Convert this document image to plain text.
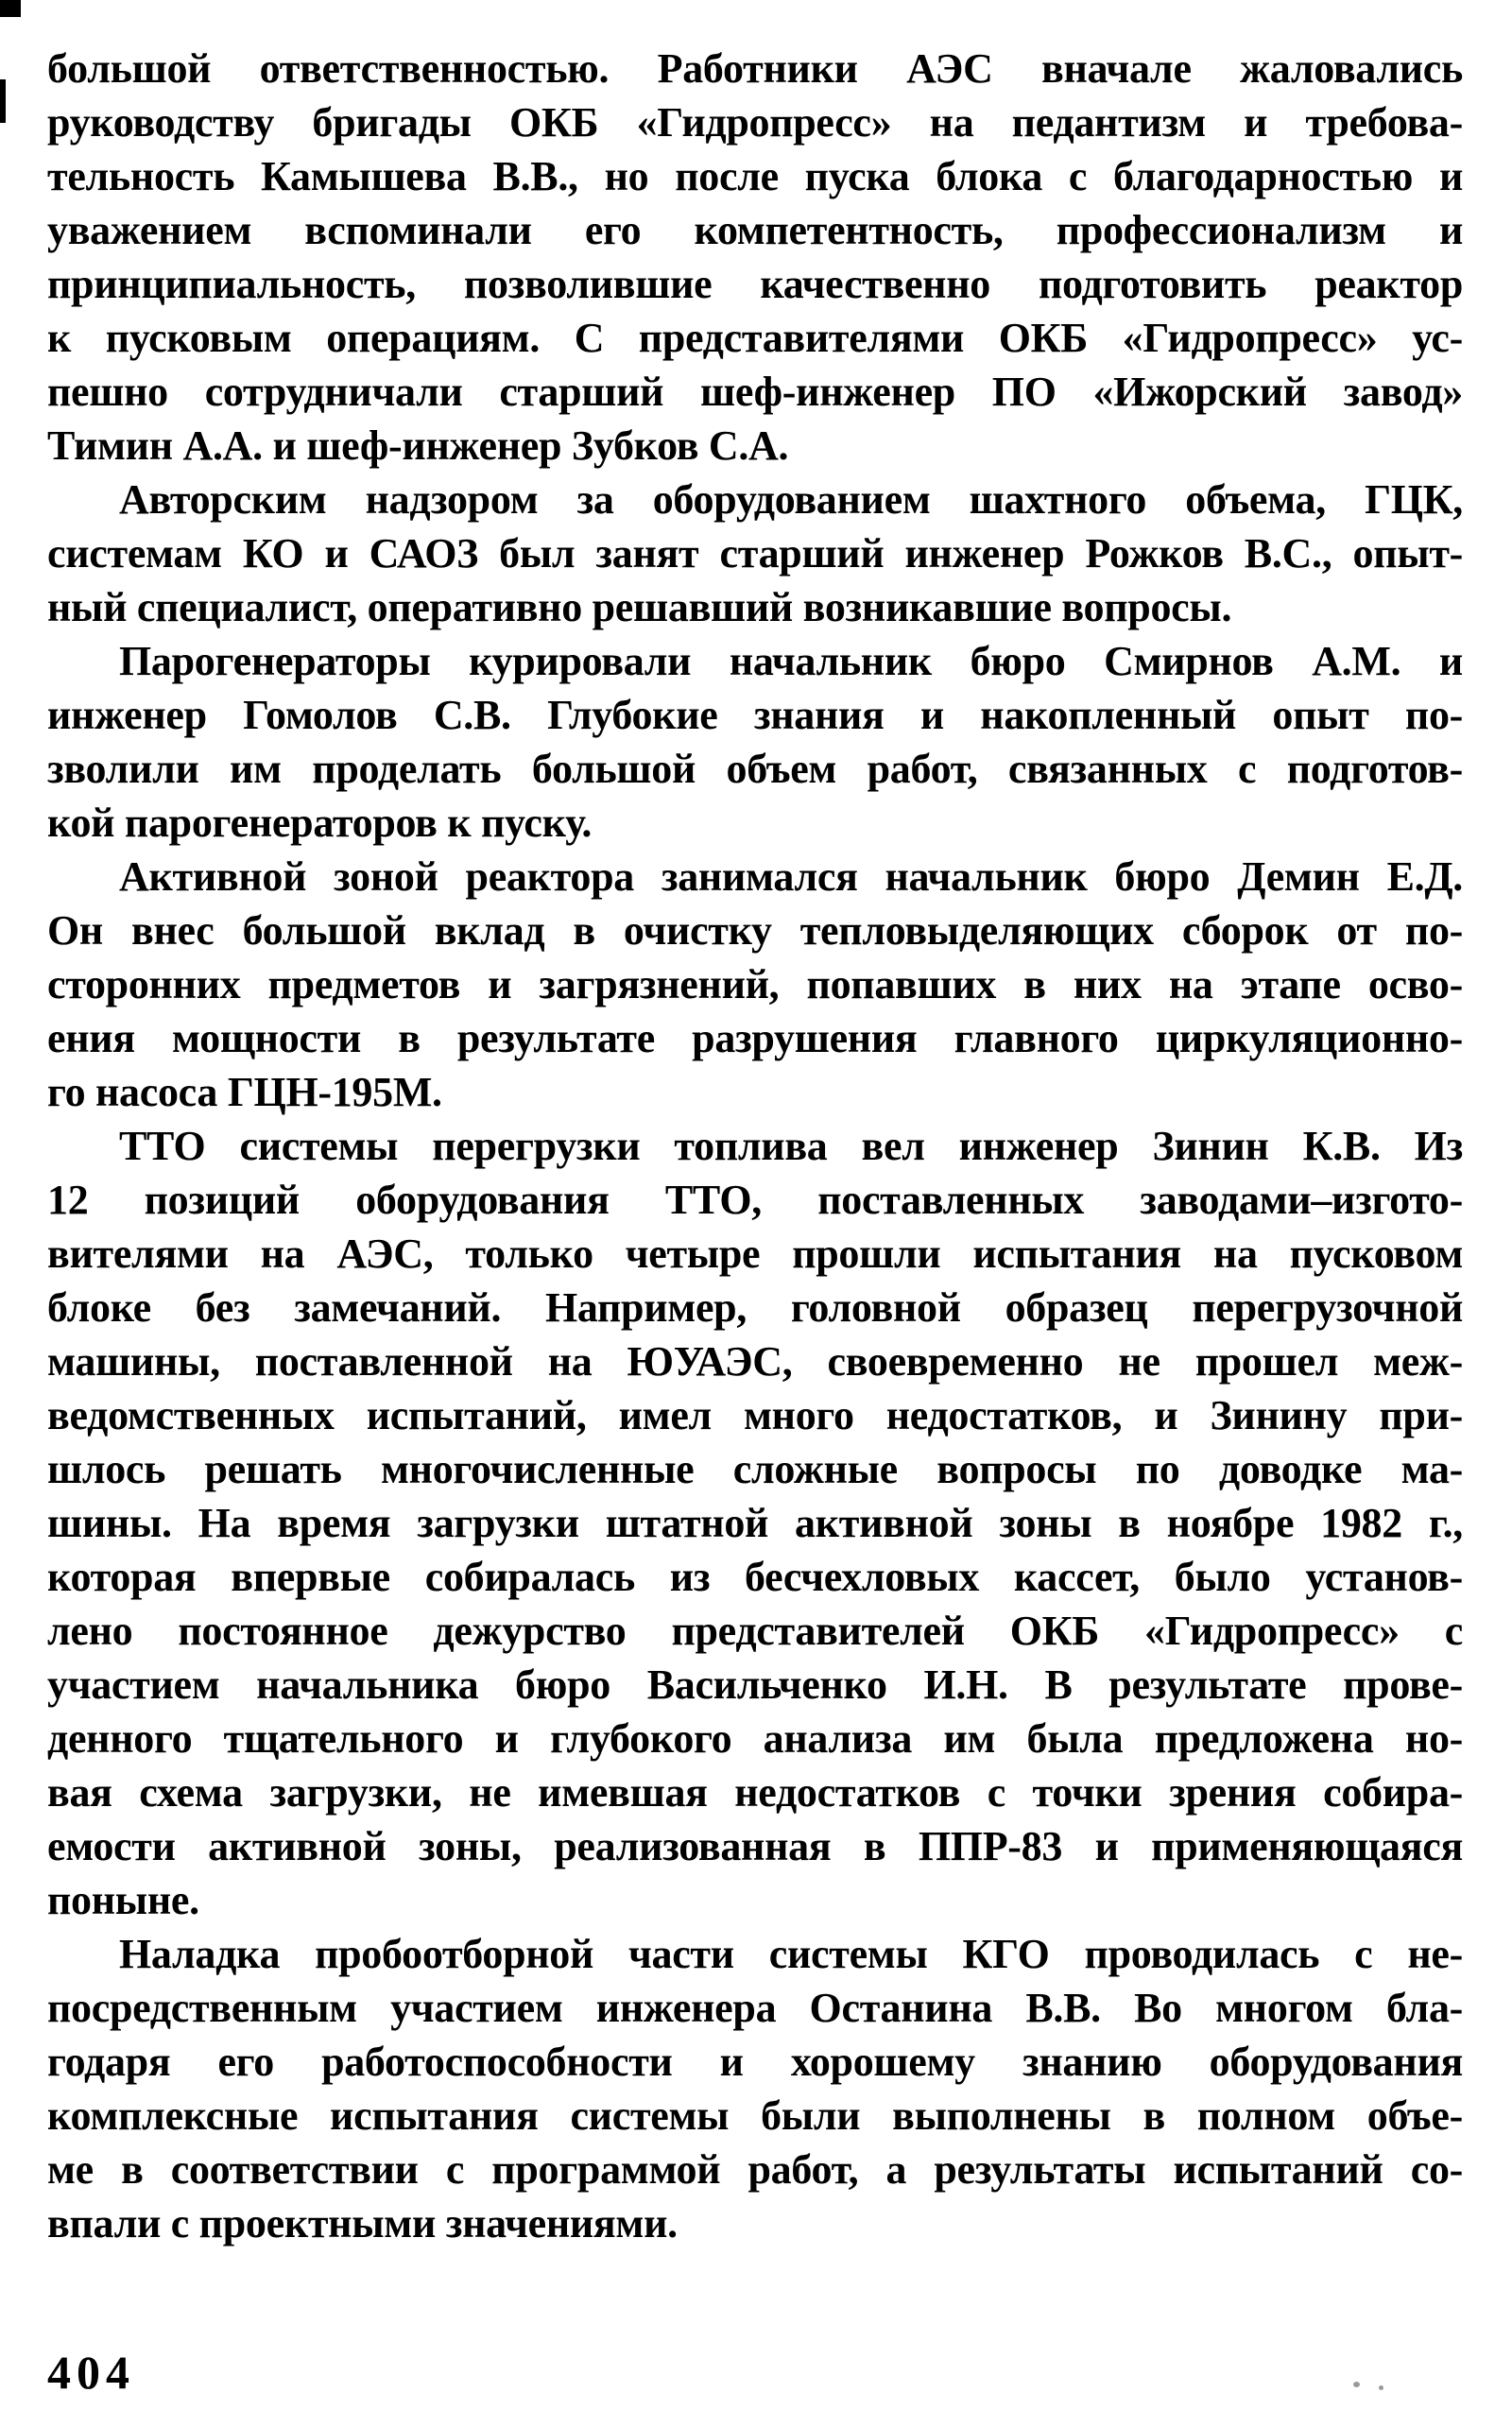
большой ответственностью. Работники АЭС вначале жаловались
руководству бригады ОКБ «Гидропресс» на педантизм и требова-
тельность Камышева В.В., но после пуска блока с благодарностью и
уважением вспоминали его компетентность, профессионализм и
принципиальность, позволившие качественно подготовить реактор
к пусковым операциям. С представителями ОКБ «Гидропресс» ус-
пешно сотрудничали старший шеф-инженер ПО «Ижорский завод»
Тимин А.А. и шеф-инженер Зубков С.А.
Авторским надзором за оборудованием шахтного объема, ГЦК,
системам КО и САОЗ был занят старший инженер Рожков В.С., опыт-
ный специалист, оперативно решавший возникавшие вопросы.
Парогенераторы курировали начальник бюро Смирнов А.М. и
инженер Гомолов С.В. Глубокие знания и накопленный опыт по-
зволили им проделать большой объем работ, связанных с подготов-
кой парогенераторов к пуску.
Активной зоной реактора занимался начальник бюро Демин Е.Д.
Он внес большой вклад в очистку тепловыделяющих сборок от по-
сторонних предметов и загрязнений, попавших в них на этапе осво-
ения мощности в результате разрушения главного циркуляционно-
го насоса ГЦН-195М.
ТТО системы перегрузки топлива вел инженер Зинин К.В. Из
12 позиций оборудования ТТО, поставленных заводами–изгото-
вителями на АЭС, только четыре прошли испытания на пусковом
блоке без замечаний. Например, головной образец перегрузочной
машины, поставленной на ЮУАЭС, своевременно не прошел меж-
ведомственных испытаний, имел много недостатков, и Зинину при-
шлось решать многочисленные сложные вопросы по доводке ма-
шины. На время загрузки штатной активной зоны в ноябре 1982 г.,
которая впервые собиралась из бесчехловых кассет, было установ-
лено постоянное дежурство представителей ОКБ «Гидропресс» с
участием начальника бюро Васильченко И.Н. В результате прове-
денного тщательного и глубокого анализа им была предложена но-
вая схема загрузки, не имевшая недостатков с точки зрения собира-
емости активной зоны, реализованная в ППР-83 и применяющаяся
поныне.
Наладка пробоотборной части системы КГО проводилась с не-
посредственным участием инженера Останина В.В. Во многом бла-
годаря его работоспособности и хорошему знанию оборудования
комплексные испытания системы были выполнены в полном объе-
ме в соответствии с программой работ, а результаты испытаний со-
впали с проектными значениями.
404
